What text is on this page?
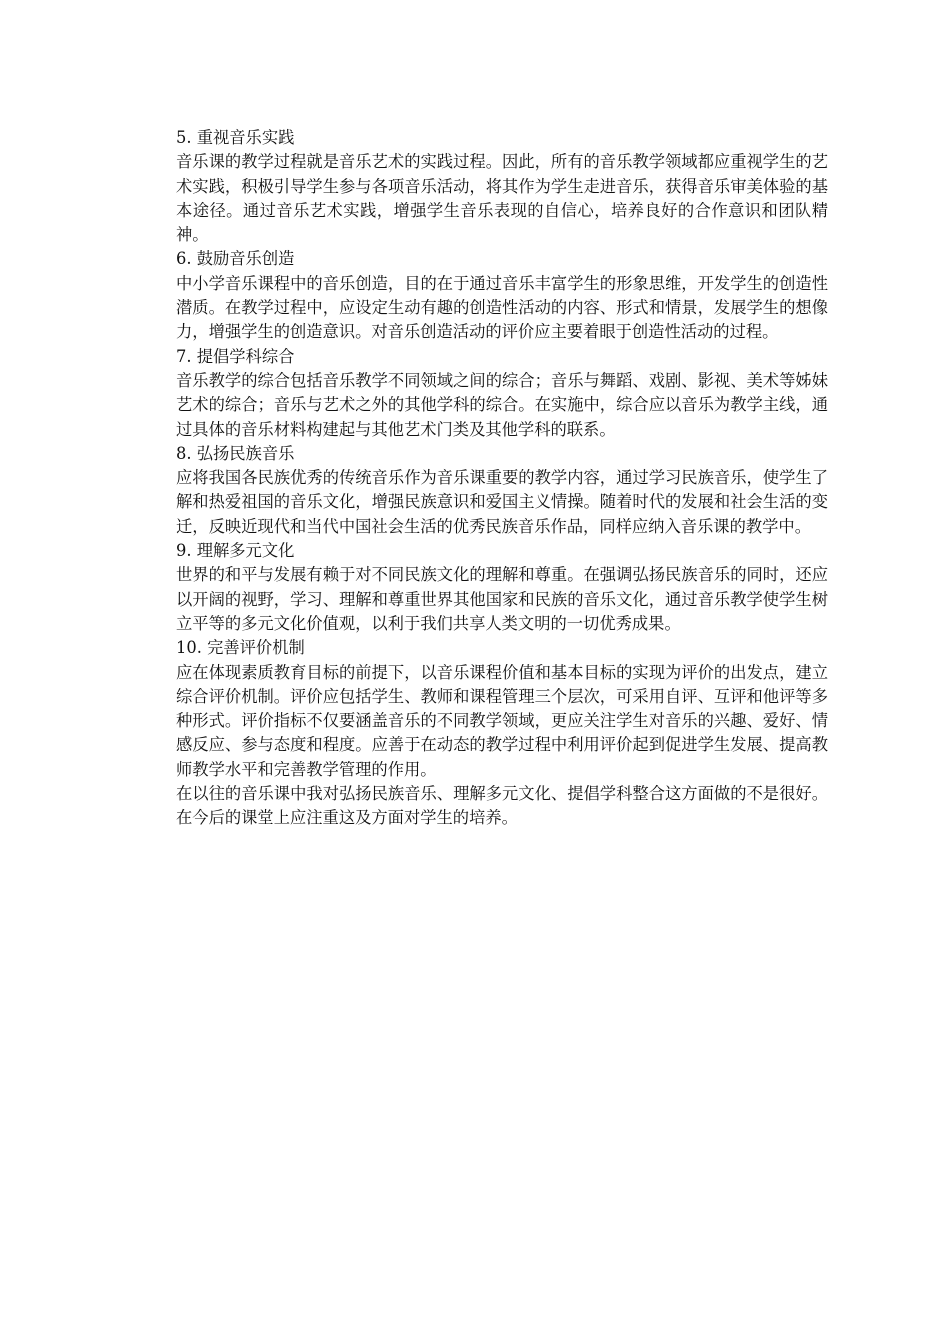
5. 重视音乐实践

音乐课的教学过程就是音乐艺术的实践过程。因此，所有的音乐教学领域都应重视学生的艺术实践，积极引导学生参与各项音乐活动，将其作为学生走进音乐，获得音乐审美体验的基本途径。通过音乐艺术实践，增强学生音乐表现的自信心，培养良好的合作意识和团队精神。

6. 鼓励音乐创造

中小学音乐课程中的音乐创造，目的在于通过音乐丰富学生的形象思维，开发学生的创造性潜质。在教学过程中，应设定生动有趣的创造性活动的内容、形式和情景，发展学生的想像力，增强学生的创造意识。对音乐创造活动的评价应主要着眼于创造性活动的过程。

7. 提倡学科综合

音乐教学的综合包括音乐教学不同领域之间的综合；音乐与舞蹈、戏剧、影视、美术等姊妹艺术的综合；音乐与艺术之外的其他学科的综合。在实施中，综合应以音乐为教学主线，通过具体的音乐材料构建起与其他艺术门类及其他学科的联系。

8. 弘扬民族音乐

应将我国各民族优秀的传统音乐作为音乐课重要的教学内容，通过学习民族音乐，使学生了解和热爱祖国的音乐文化，增强民族意识和爱国主义情操。随着时代的发展和社会生活的变迁，反映近现代和当代中国社会生活的优秀民族音乐作品，同样应纳入音乐课的教学中。

9. 理解多元文化

世界的和平与发展有赖于对不同民族文化的理解和尊重。在强调弘扬民族音乐的同时，还应以开阔的视野，学习、理解和尊重世界其他国家和民族的音乐文化，通过音乐教学使学生树立平等的多元文化价值观，以利于我们共享人类文明的一切优秀成果。

10. 完善评价机制

应在体现素质教育目标的前提下，以音乐课程价值和基本目标的实现为评价的出发点，建立综合评价机制。评价应包括学生、教师和课程管理三个层次，可采用自评、互评和他评等多种形式。评价指标不仅要涵盖音乐的不同教学领域，更应关注学生对音乐的兴趣、爱好、情感反应、参与态度和程度。应善于在动态的教学过程中利用评价起到促进学生发展、提高教师教学水平和完善教学管理的作用。

在以往的音乐课中我对弘扬民族音乐、理解多元文化、提倡学科整合这方面做的不是很好。在今后的课堂上应注重这及方面对学生的培养。
